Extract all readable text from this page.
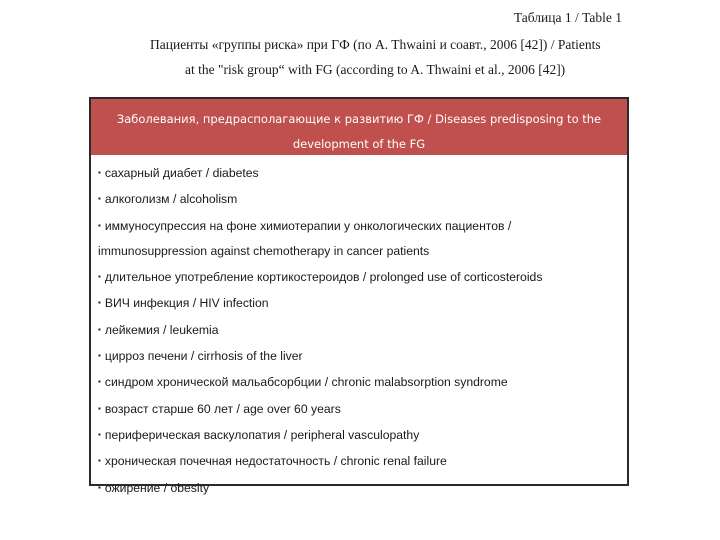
Таблица 1 / Table 1
Пациенты «группы риска» при ГФ (по A. Thwaini и соавт., 2006 [42]) / Patients
at the "risk group“ with FG (according to A. Thwaini et al., 2006 [42])
Заболевания, предрасполагающие к развитию ГФ / Diseases predisposing to the
development of the FG
▪ сахарный диабет / diabetes
▪ алкоголизм / alcoholism
▪ иммуносупрессия на фоне химиотерапии у онкологических пациентов /
immunosuppression against chemotherapy in cancer patients
▪ длительное употребление кортикостероидов / prolonged use of corticosteroids
▪ ВИЧ инфекция / HIV infection
▪ лейкемия / leukemia
▪ цирроз печени / cirrhosis of the liver
▪ синдром хронической мальабсорбции / chronic malabsorption syndrome
▪ возраст старше 60 лет / age over 60 years
▪ периферическая васкулопатия / peripheral vasculopathy
▪ хроническая почечная недостаточность / chronic renal failure
▪ ожирение / obesity
